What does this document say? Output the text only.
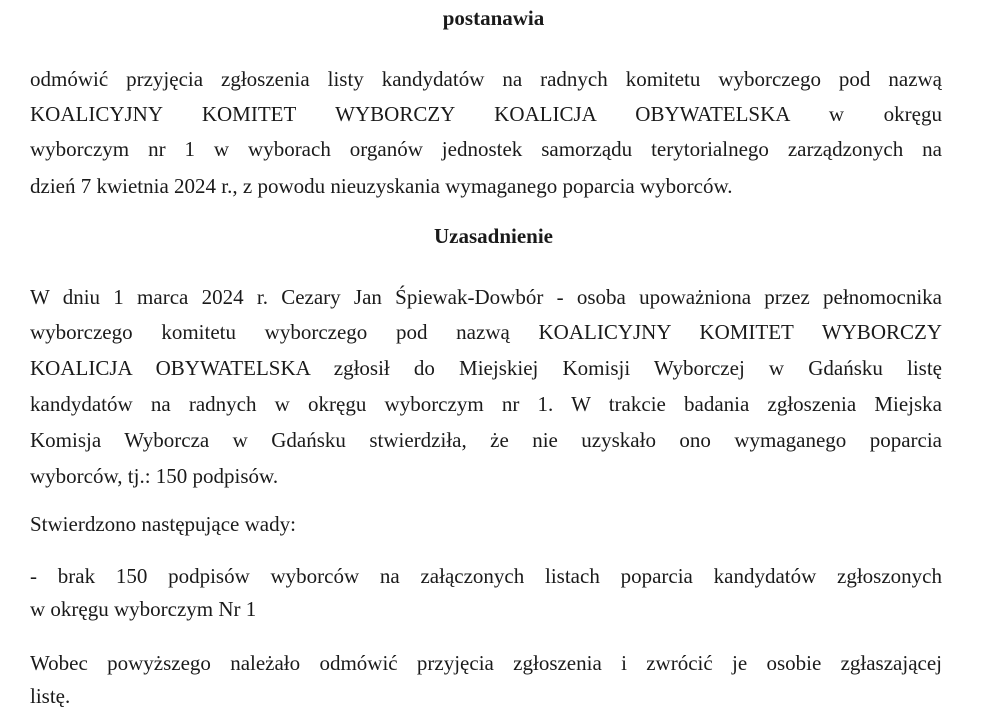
postanawia
odmówić przyjęcia zgłoszenia listy kandydatów na radnych komitetu wyborczego pod nazwą
KOALICYJNY KOMITET WYBORCZY KOALICJA OBYWATELSKA w okręgu
wyborczym nr 1 w wyborach organów jednostek samorządu terytorialnego zarządzonych na
dzień 7 kwietnia 2024 r., z powodu nieuzyskania wymaganego poparcia wyborców.
Uzasadnienie
W dniu 1 marca 2024 r. Cezary Jan Śpiewak-Dowbór - osoba upoważniona przez pełnomocnika
wyborczego komitetu wyborczego pod nazwą KOALICYJNY KOMITET WYBORCZY
KOALICJA OBYWATELSKA zgłosił do Miejskiej Komisji Wyborczej w Gdańsku listę
kandydatów na radnych w okręgu wyborczym nr 1. W trakcie badania zgłoszenia Miejska
Komisja Wyborcza w Gdańsku stwierdziła, że nie uzyskało ono wymaganego poparcia
wyborców, tj.: 150 podpisów.
Stwierdzono następujące wady:
- brak 150 podpisów wyborców na załączonych listach poparcia kandydatów zgłoszonych
w okręgu wyborczym Nr 1
Wobec powyższego należało odmówić przyjęcia zgłoszenia i zwrócić je osobie zgłaszającej
listę.
